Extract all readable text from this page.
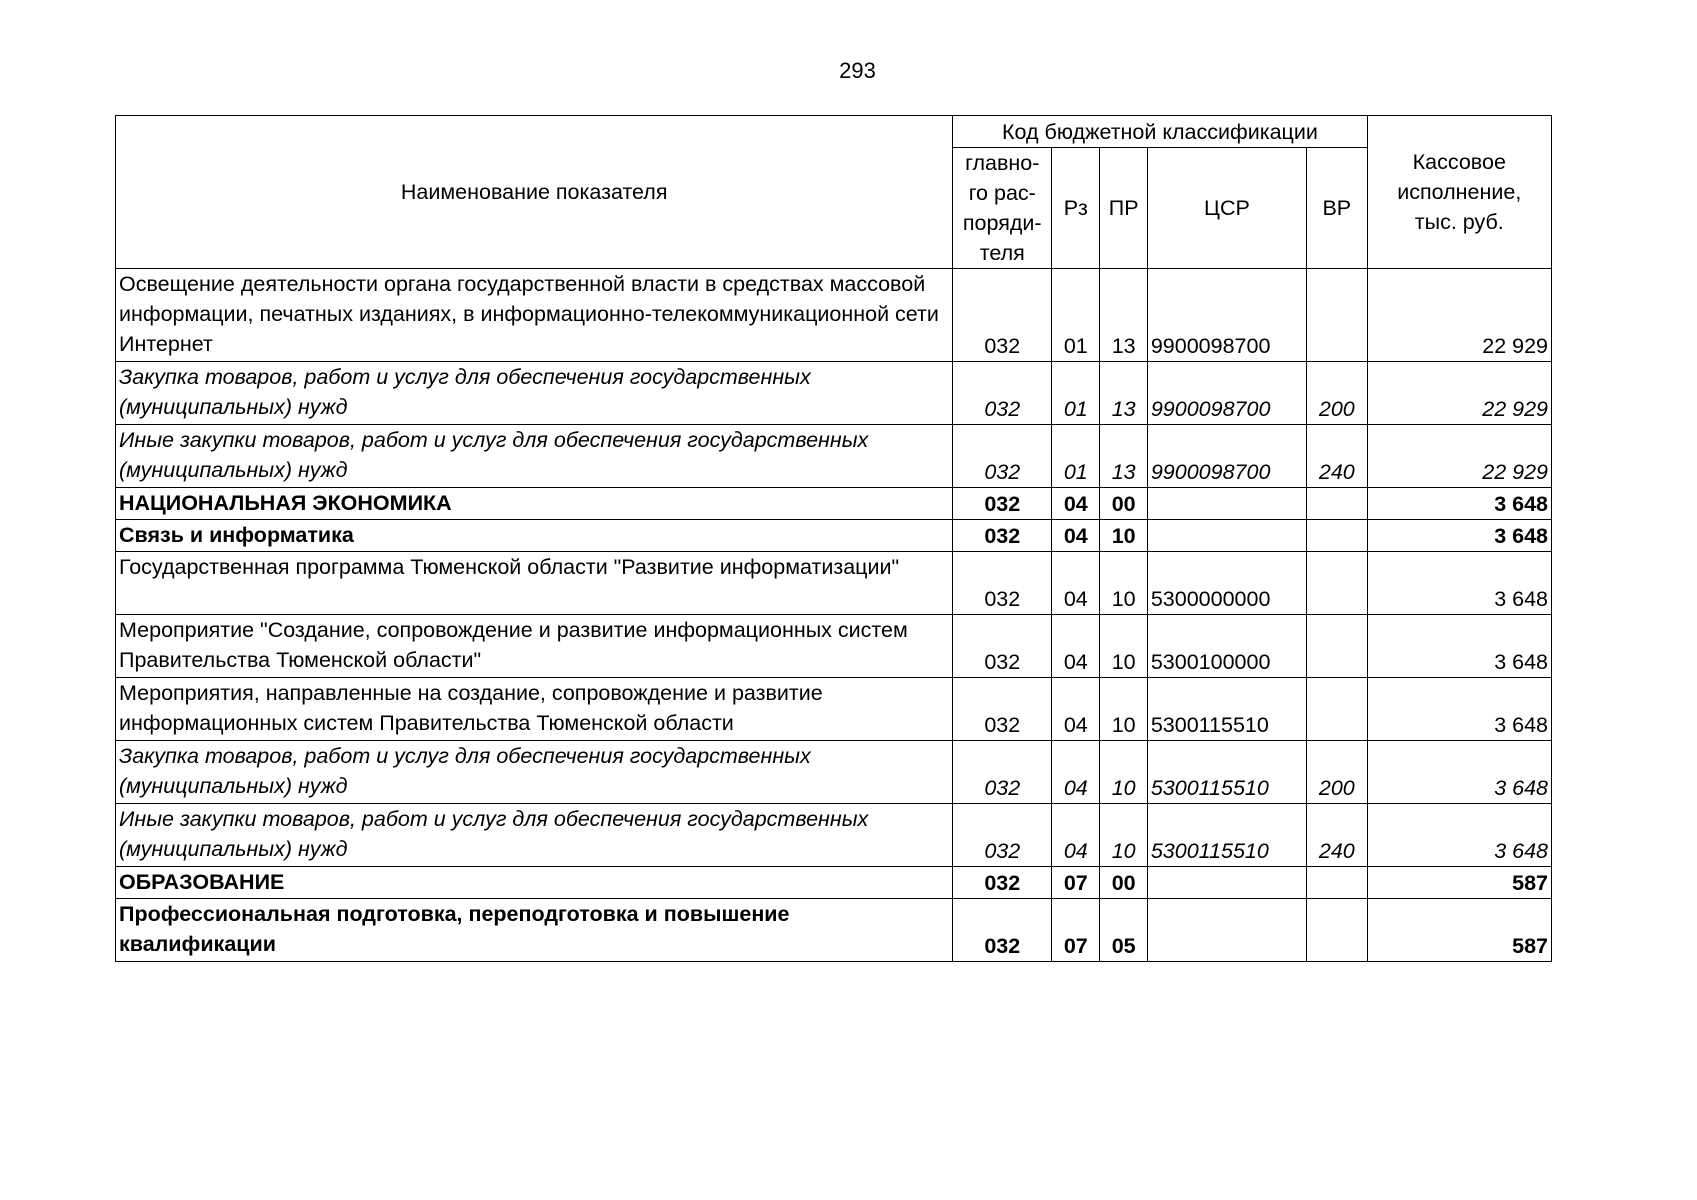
293
Наименование показателя	Код бюджетной классификации					Кассовое
исполнение,
тыс. руб.
	главно-
го рас-
поряди-
теля	Рз	ПР	ЦСР	ВР	
Освещение деятельности органа государственной власти в средствах массовой информации, печатных изданиях, в информационно-телекоммуникационной сети Интернет	032	01	13	9900098700		22 929
Закупка товаров, работ и услуг для обеспечения государственных (муниципальных) нужд	032	01	13	9900098700	200	22 929
Иные закупки товаров, работ и услуг для обеспечения государственных (муниципальных) нужд	032	01	13	9900098700	240	22 929
НАЦИОНАЛЬНАЯ ЭКОНОМИКА	032	04	00			3 648
Связь и информатика	032	04	10			3 648
Государственная программа Тюменской области "Развитие информатизации"	032	04	10	5300000000		3 648
Мероприятие "Создание, сопровождение и развитие информационных систем Правительства Тюменской области"	032	04	10	5300100000		3 648
Мероприятия, направленные на создание, сопровождение и развитие информационных систем Правительства Тюменской области	032	04	10	5300115510		3 648
Закупка товаров, работ и услуг для обеспечения государственных (муниципальных) нужд	032	04	10	5300115510	200	3 648
Иные закупки товаров, работ и услуг для обеспечения государственных (муниципальных) нужд	032	04	10	5300115510	240	3 648
ОБРАЗОВАНИЕ	032	07	00			587
Профессиональная подготовка, переподготовка и повышение квалификации	032	07	05			587
